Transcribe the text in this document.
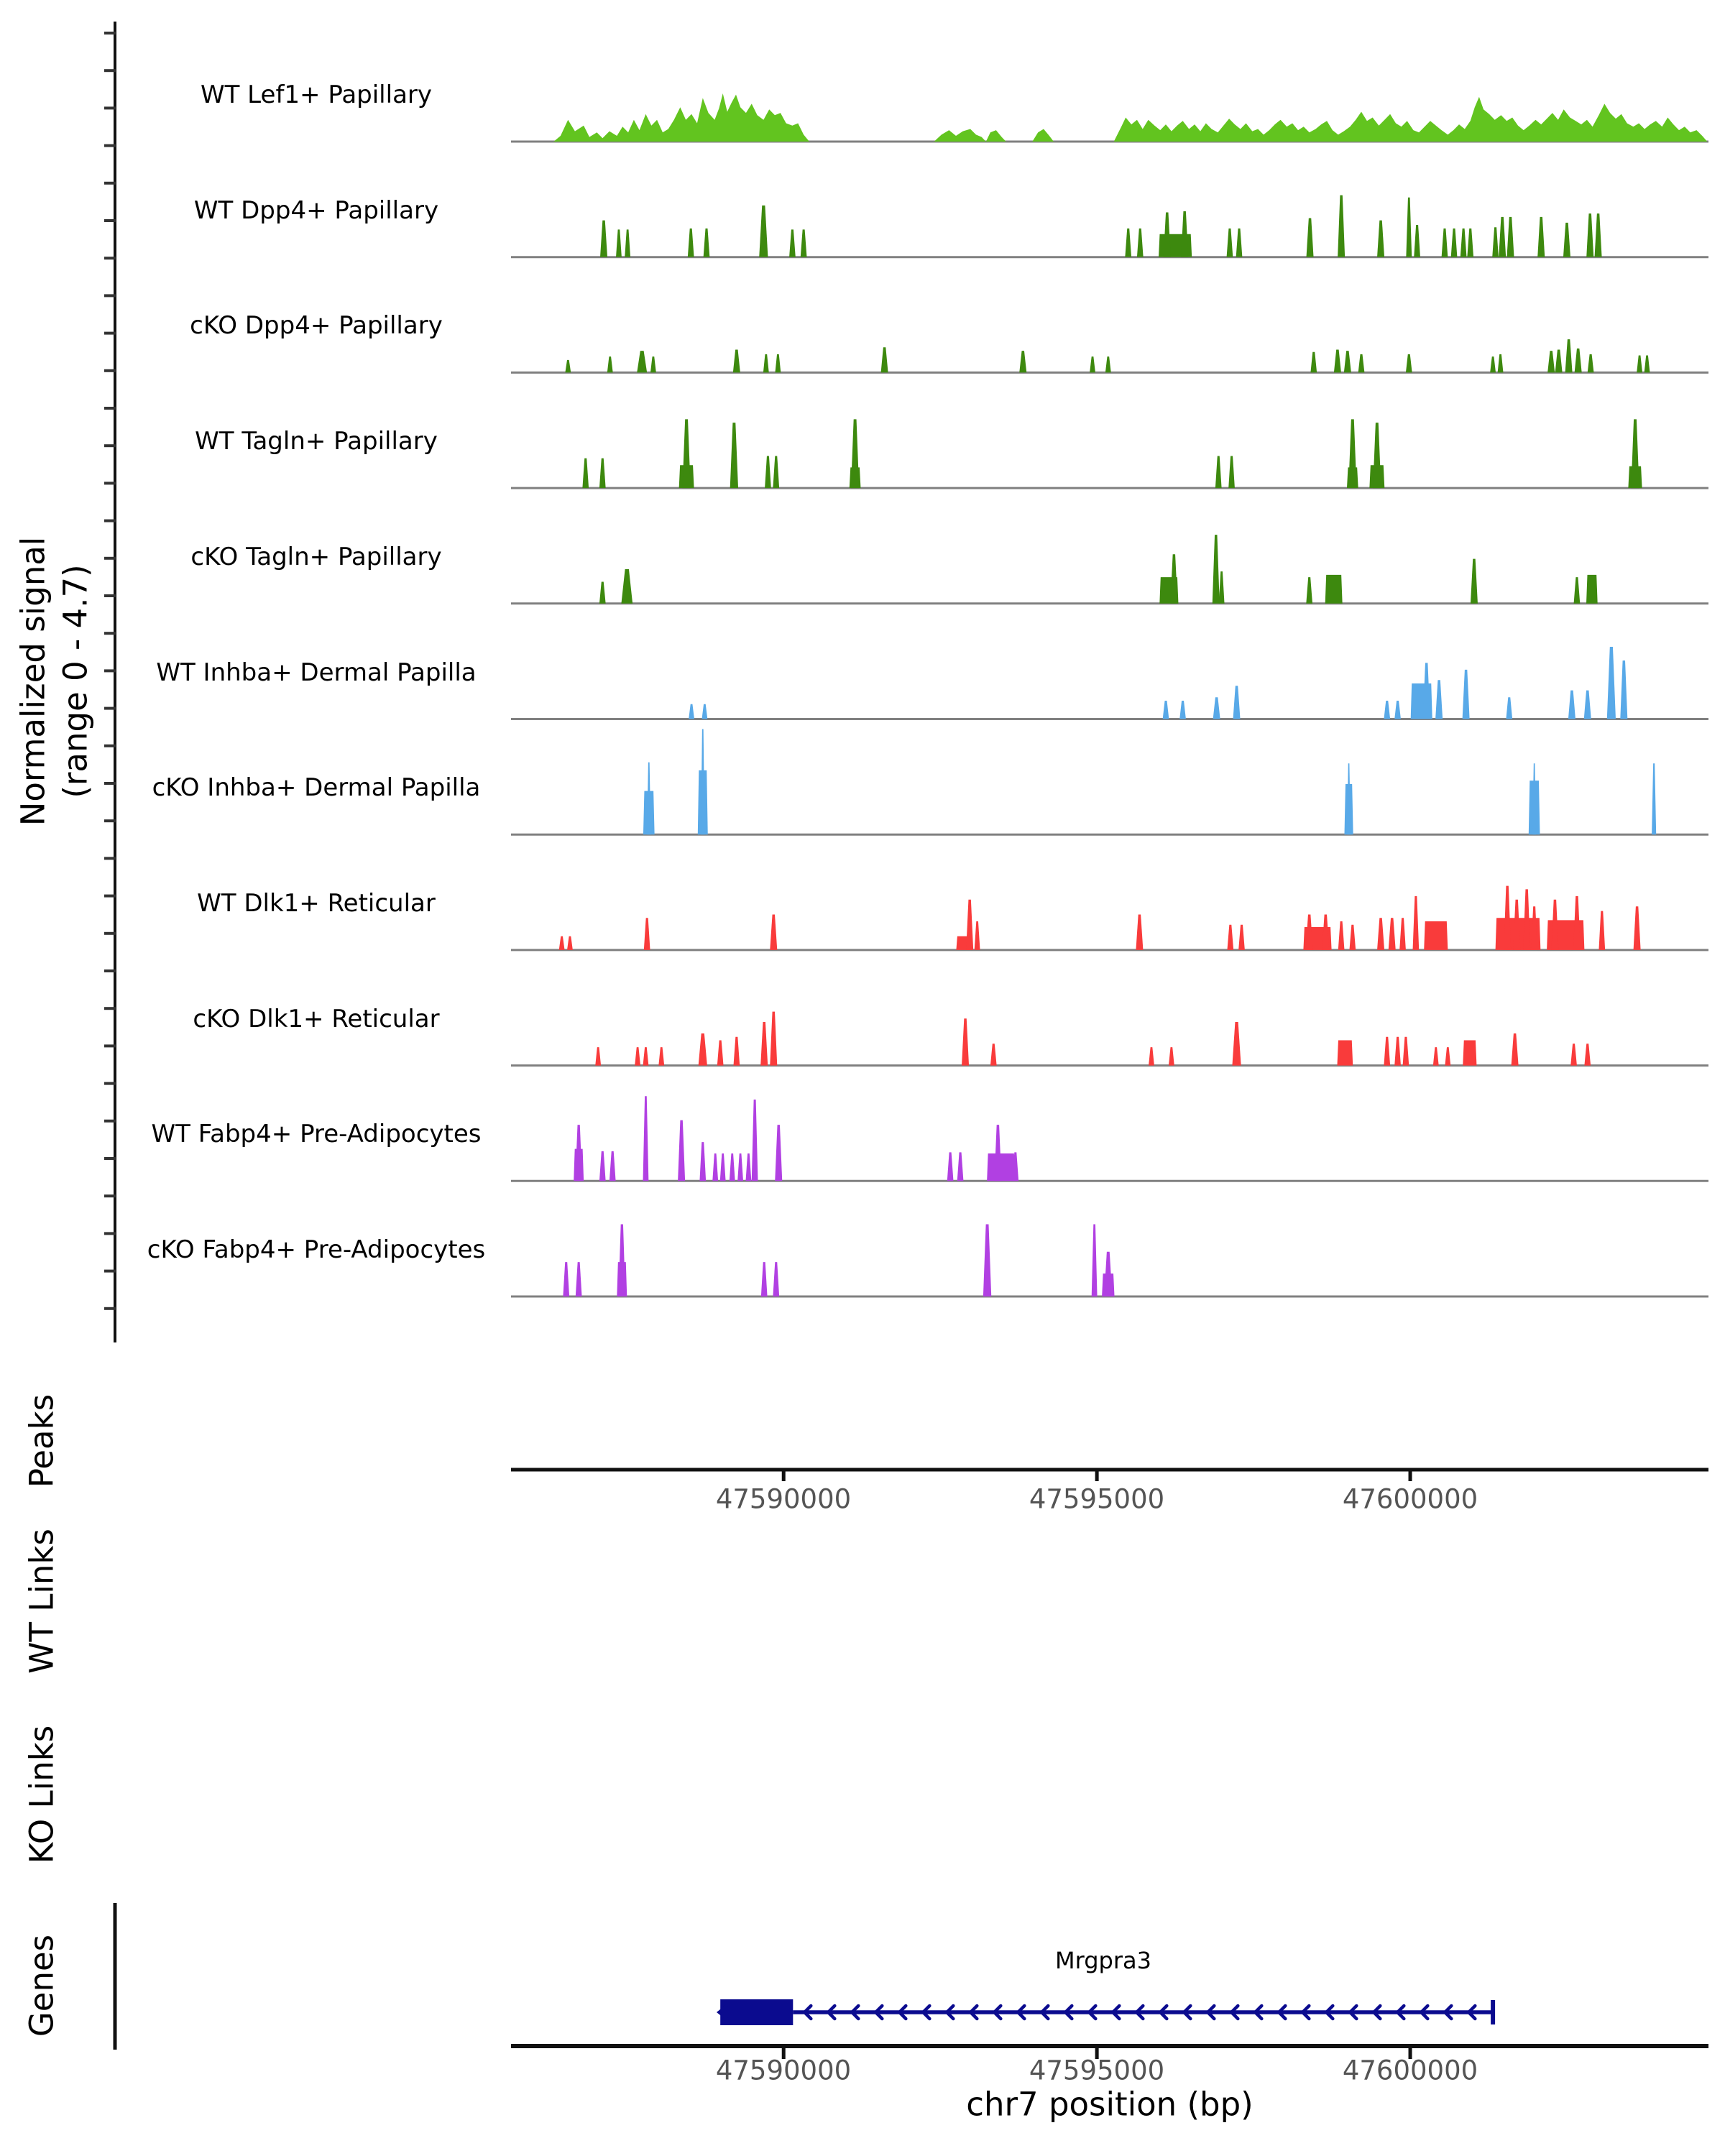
Normalized signal (range 0 - 4.7)
WT Lef1+ Papillary
WT Dpp4+ Papillary
cKO Dpp4+ Papillary
WT Tagln+ Papillary
cKO Tagln+ Papillary
WT Inhba+ Dermal Papilla
cKO Inhba+ Dermal Papilla
WT Dlk1+ Reticular
cKO Dlk1+ Reticular
WT Fabp4+ Pre-Adipocytes
cKO Fabp4+ Pre-Adipocytes
Peaks
WT Links
KO Links
Genes
47590000	47595000	47600000
Mrgpra3
47590000	47595000	47600000
chr7 position (bp)
